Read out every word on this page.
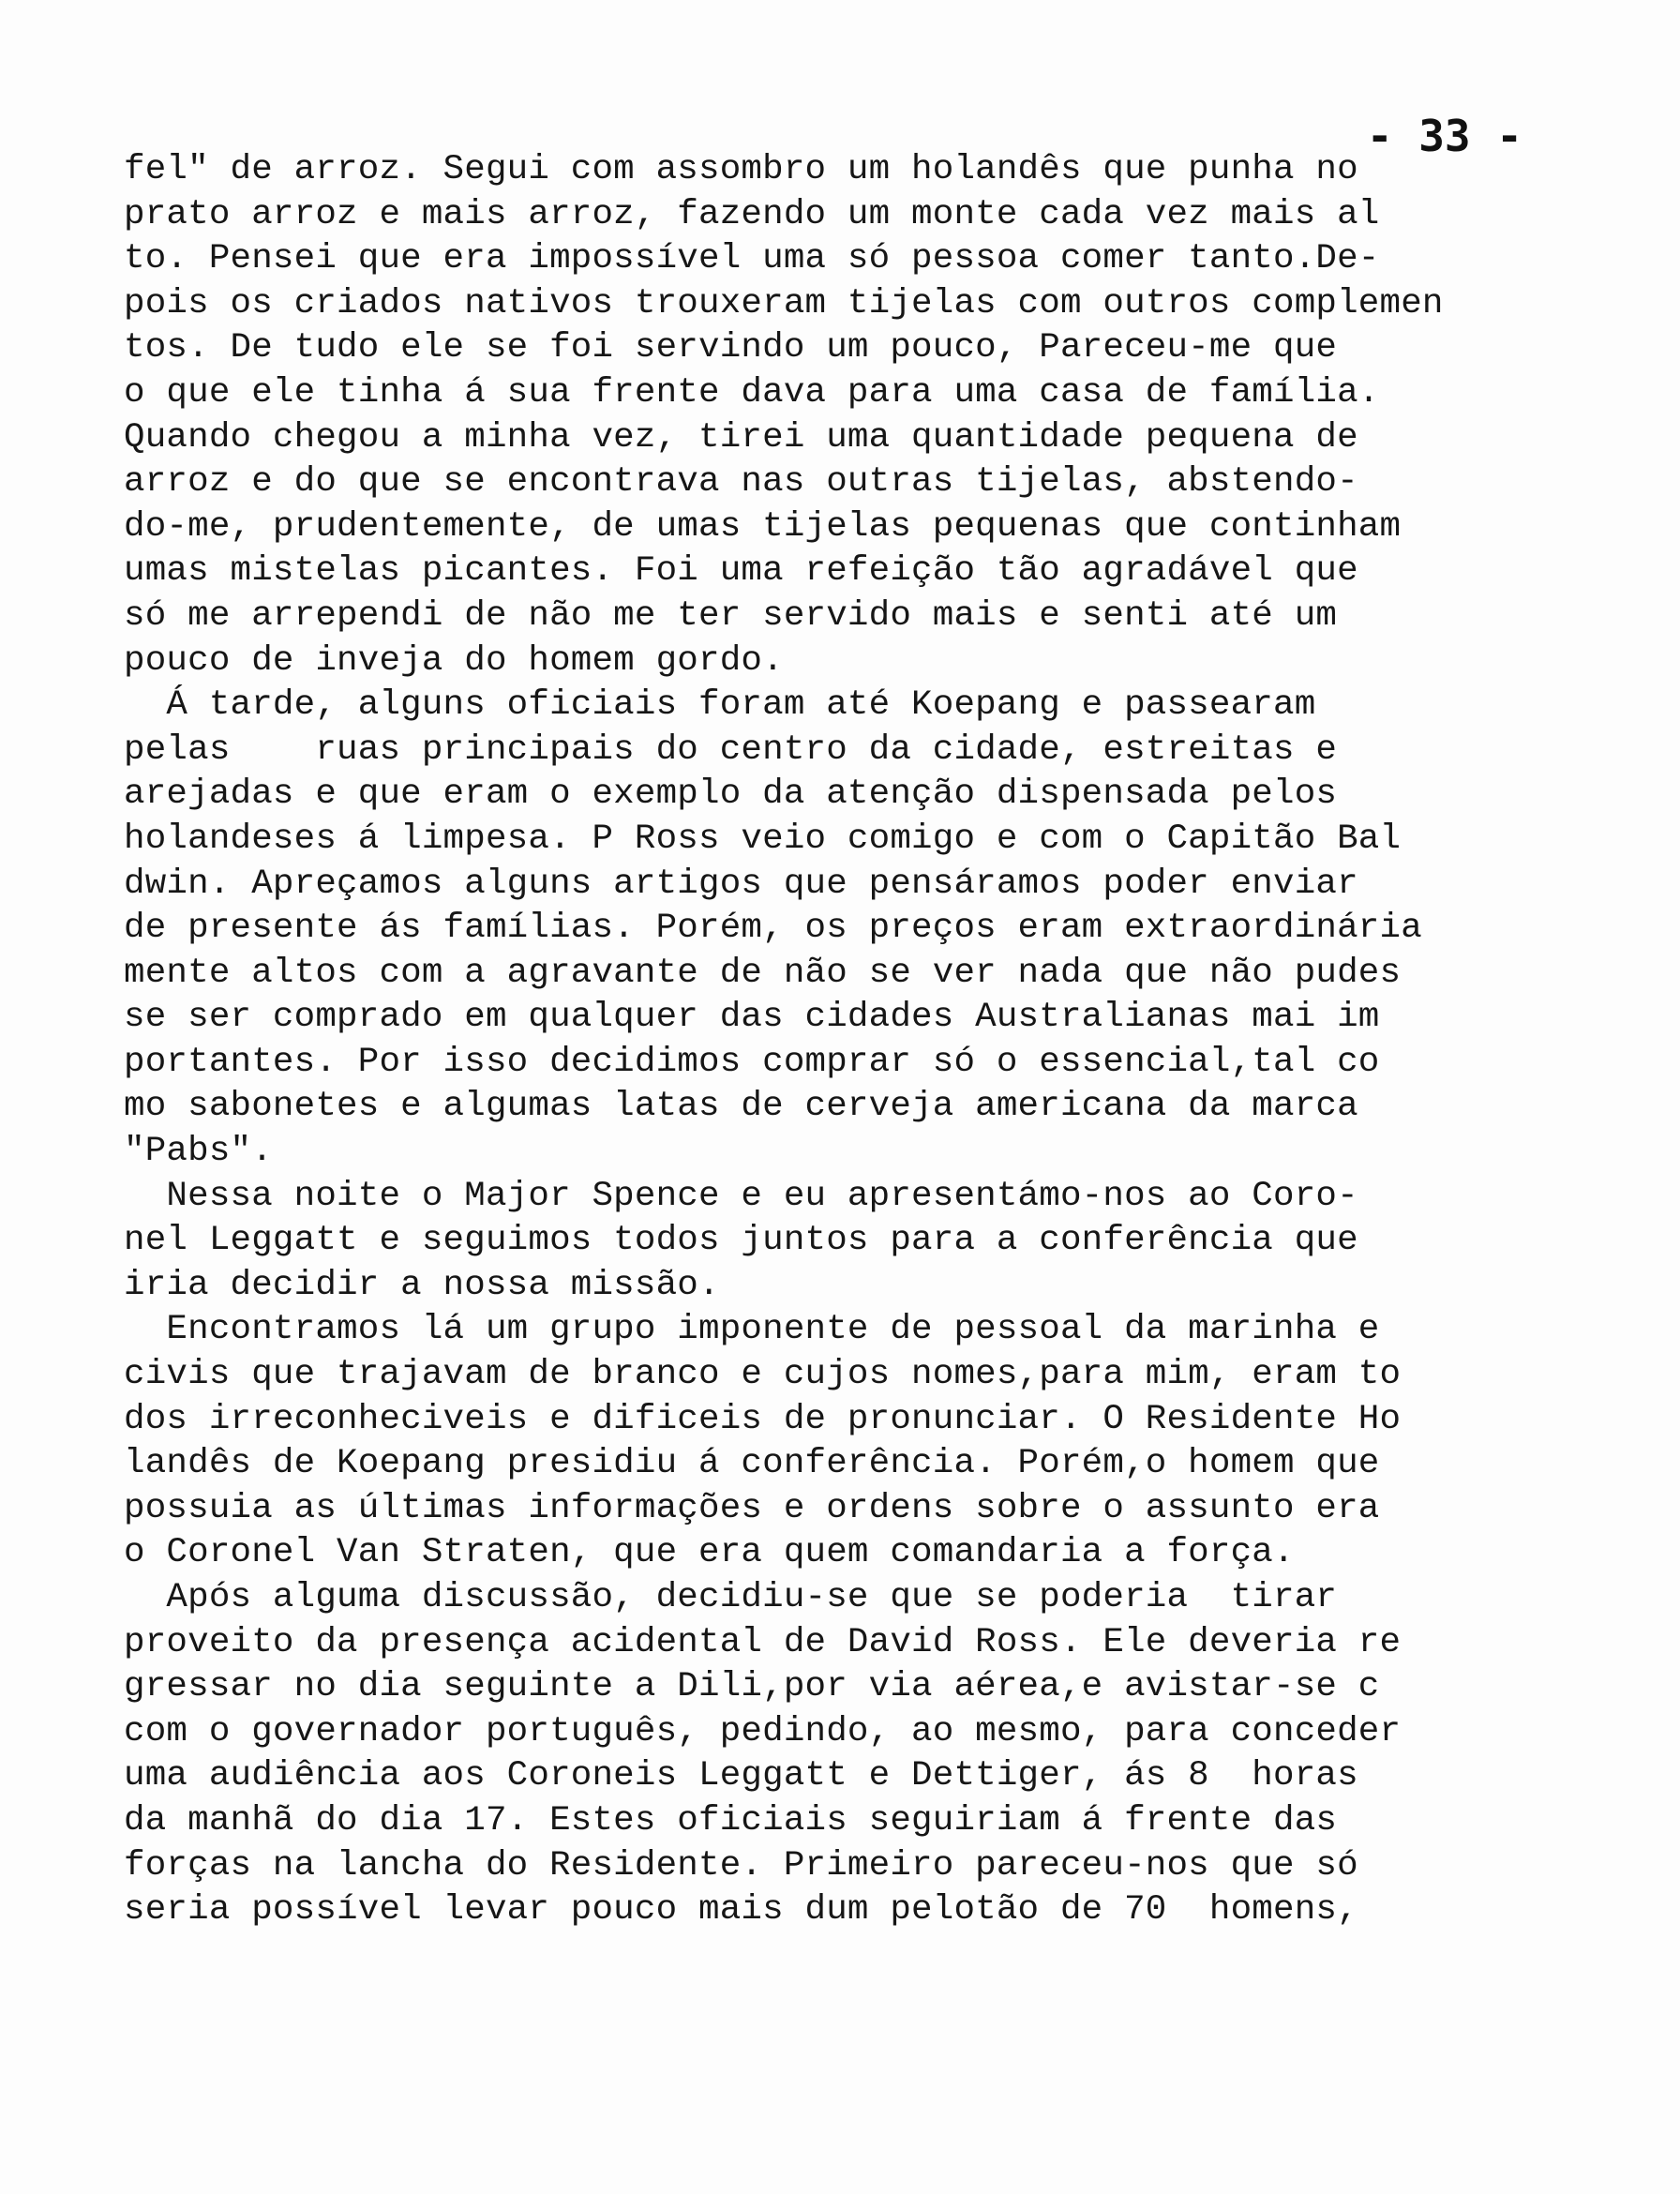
- 33 -
fel" de arroz. Segui com assombro um holandês que punha no
prato arroz e mais arroz, fazendo um monte cada vez mais al
to. Pensei que era impossível uma só pessoa comer tanto.De-
pois os criados nativos trouxeram tijelas com outros complemen
tos. De tudo ele se foi servindo um pouco, Pareceu-me que
o que ele tinha á sua frente dava para uma casa de família.
Quando chegou a minha vez, tirei uma quantidade pequena de
arroz e do que se encontrava nas outras tijelas, abstendo-
do-me, prudentemente, de umas tijelas pequenas que continham
umas mistelas picantes. Foi uma refeição tão agradável que
só me arrependi de não me ter servido mais e senti até um
pouco de inveja do homem gordo.
Á tarde, alguns oficiais foram até Koepang e passearam
pelas    ruas principais do centro da cidade, estreitas e
arejadas e que eram o exemplo da atenção dispensada pelos
holandeses á limpesa. P Ross veio comigo e com o Capitão Bal
dwin. Apreçamos alguns artigos que pensáramos poder enviar
de presente ás famílias. Porém, os preços eram extraordinária
mente altos com a agravante de não se ver nada que não pudes
se ser comprado em qualquer das cidades Australianas mai im
portantes. Por isso decidimos comprar só o essencial,tal co
mo sabonetes e algumas latas de cerveja americana da marca
"Pabs".
Nessa noite o Major Spence e eu apresentámo-nos ao Coro-
nel Leggatt e seguimos todos juntos para a conferência que
iria decidir a nossa missão.
Encontramos lá um grupo imponente de pessoal da marinha e
civis que trajavam de branco e cujos nomes,para mim, eram to
dos irreconheciveis e dificeis de pronunciar. O Residente Ho
landês de Koepang presidiu á conferência. Porém,o homem que
possuia as últimas informações e ordens sobre o assunto era
o Coronel Van Straten, que era quem comandaria a força.
Após alguma discussão, decidiu-se que se poderia  tirar
proveito da presença acidental de David Ross. Ele deveria re
gressar no dia seguinte a Dili,por via aérea,e avistar-se c
com o governador português, pedindo, ao mesmo, para conceder
uma audiência aos Coroneis Leggatt e Dettiger, ás 8  horas
da manhã do dia 17. Estes oficiais seguiriam á frente das
forças na lancha do Residente. Primeiro pareceu-nos que só
seria possível levar pouco mais dum pelotão de 70  homens,
